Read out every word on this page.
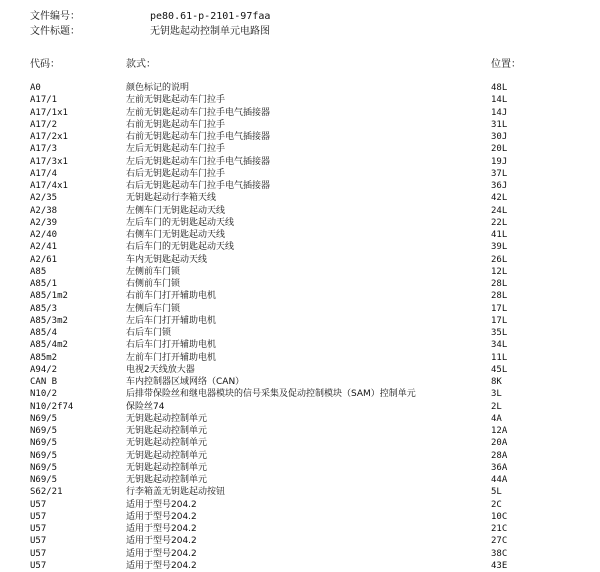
文件编号：	pe80.61-p-2101-97faa
文件标题：	无钥匙起动控制单元电路图
代码：	款式：	位置：
A0	颜色标记的说明	48L
A17/1	左前无钥匙起动车门拉手	14L
A17/1x1	左前无钥匙起动车门拉手电气插接器	14J
A17/2	右前无钥匙起动车门拉手	31L
A17/2x1	右前无钥匙起动车门拉手电气插接器	30J
A17/3	左后无钥匙起动车门拉手	20L
A17/3x1	左后无钥匙起动车门拉手电气插接器	19J
A17/4	右后无钥匙起动车门拉手	37L
A17/4x1	右后无钥匙起动车门拉手电气插接器	36J
A2/35	无钥匙起动行李箱天线	42L
A2/38	左侧车门无钥匙起动天线	24L
A2/39	左后车门的无钥匙起动天线	22L
A2/40	右侧车门无钥匙起动天线	41L
A2/41	右后车门的无钥匙起动天线	39L
A2/61	车内无钥匙起动天线	26L
A85	左侧前车门锁	12L
A85/1	右侧前车门锁	28L
A85/1m2	右前车门打开辅助电机	28L
A85/3	左侧后车门锁	17L
A85/3m2	左后车门打开辅助电机	17L
A85/4	右后车门锁	35L
A85/4m2	右后车门打开辅助电机	34L
A85m2	左前车门打开辅助电机	11L
A94/2	电视2天线放大器	45L
CAN B	车内控制器区域网络（CAN）	8K
N10/2	后排带保险丝和继电器模块的信号采集及促动控制模块（SAM）控制单元	3L
N10/2f74	保险丝74	2L
N69/5	无钥匙起动控制单元	4A
N69/5	无钥匙起动控制单元	12A
N69/5	无钥匙起动控制单元	20A
N69/5	无钥匙起动控制单元	28A
N69/5	无钥匙起动控制单元	36A
N69/5	无钥匙起动控制单元	44A
S62/21	行李箱盖无钥匙起动按钮	5L
U57	适用于型号204.2	2C
U57	适用于型号204.2	10C
U57	适用于型号204.2	21C
U57	适用于型号204.2	27C
U57	适用于型号204.2	38C
U57	适用于型号204.2	43E
